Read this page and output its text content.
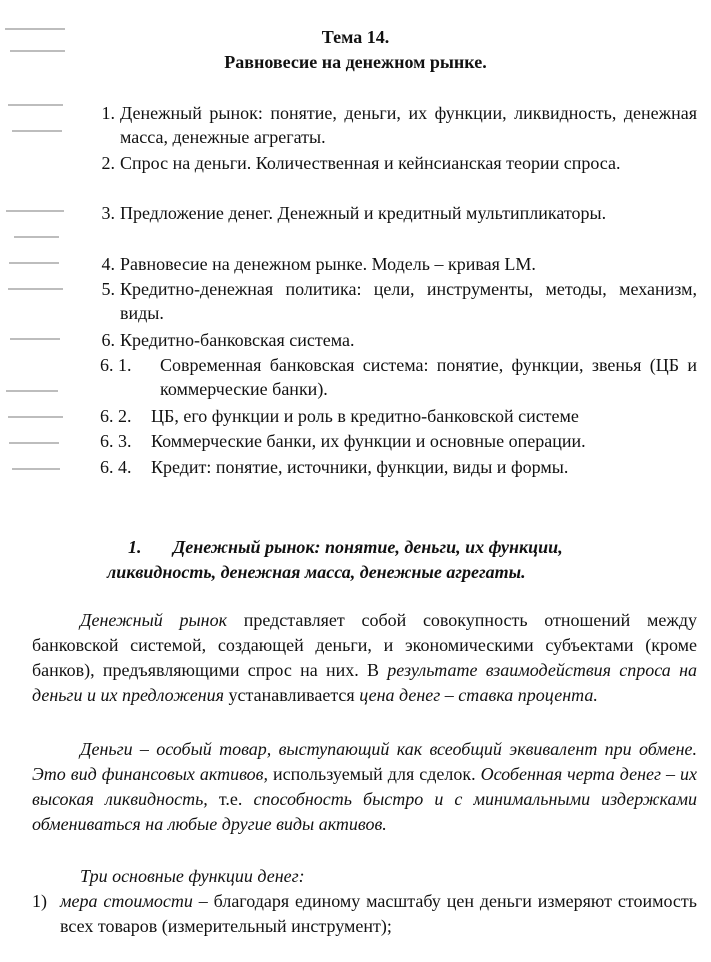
Тема 14.
Равновесие на денежном рынке.
1. Денежный рынок: понятие, деньги, их функции, ликвидность, денежная масса, денежные агрегаты.
2. Спрос на деньги. Количественная и кейнсианская теории спроса.
3. Предложение денег. Денежный и кредитный мультипликаторы.
4. Равновесие на денежном рынке. Модель – кривая LM.
5. Кредитно-денежная политика: цели, инструменты, методы, механизм, виды.
6. Кредитно-банковская система.
6. 1.	Современная банковская система: понятие, функции, звенья (ЦБ и коммерческие банки).
6. 2.	ЦБ, его функции и роль в кредитно-банковской системе
6. 3.	Коммерческие банки, их функции и основные операции.
6. 4.	Кредит: понятие, источники, функции, виды и формы.
1. Денежный рынок: понятие, деньги, их функции,
ликвидность, денежная масса, денежные агрегаты.
Денежный рынок представляет собой совокупность отношений между банковской системой, создающей деньги, и экономическими субъектами (кроме банков), предъявляющими спрос на них. В результате взаимодействия спроса на деньги и их предложения устанавливается цена денег – ставка процента.
Деньги – особый товар, выступающий как всеобщий эквивалент при обмене. Это вид финансовых активов, используемый для сделок. Особенная черта денег – их высокая ликвидность, т.е. способность быстро и с минимальными издержками обмениваться на любые другие виды активов.
Три основные функции денег:
1) мера стоимости – благодаря единому масштабу цен деньги измеряют стоимость всех товаров (измерительный инструмент);
